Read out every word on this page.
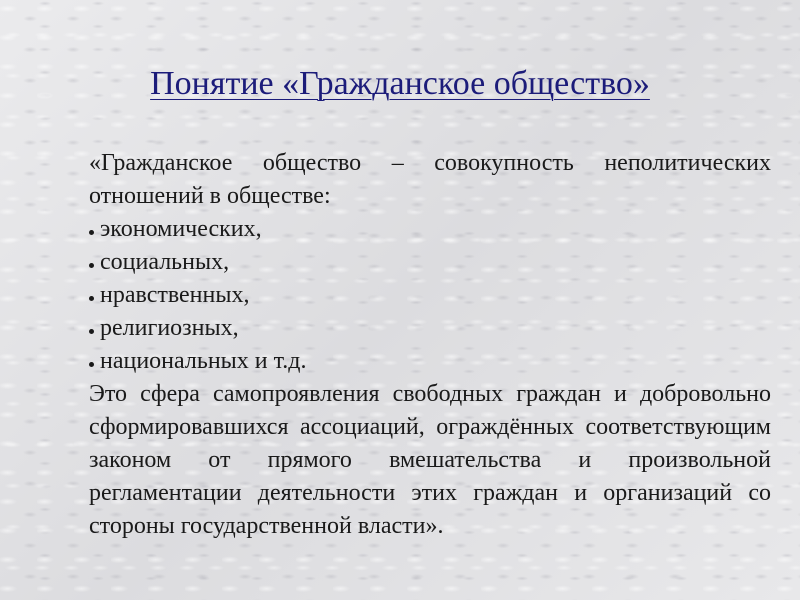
Понятие «Гражданское общество»

«Гражданское общество – совокупность неполитических отношений в обществе:

экономических,
социальных,
нравственных,
религиозных,
национальных и т.д.

Это сфера самопроявления свободных граждан и добровольно сформировавшихся ассоциаций, ограждённых соответствующим законом от прямого вмешательства и произвольной регламентации деятельности этих граждан и организаций со стороны государственной власти».
